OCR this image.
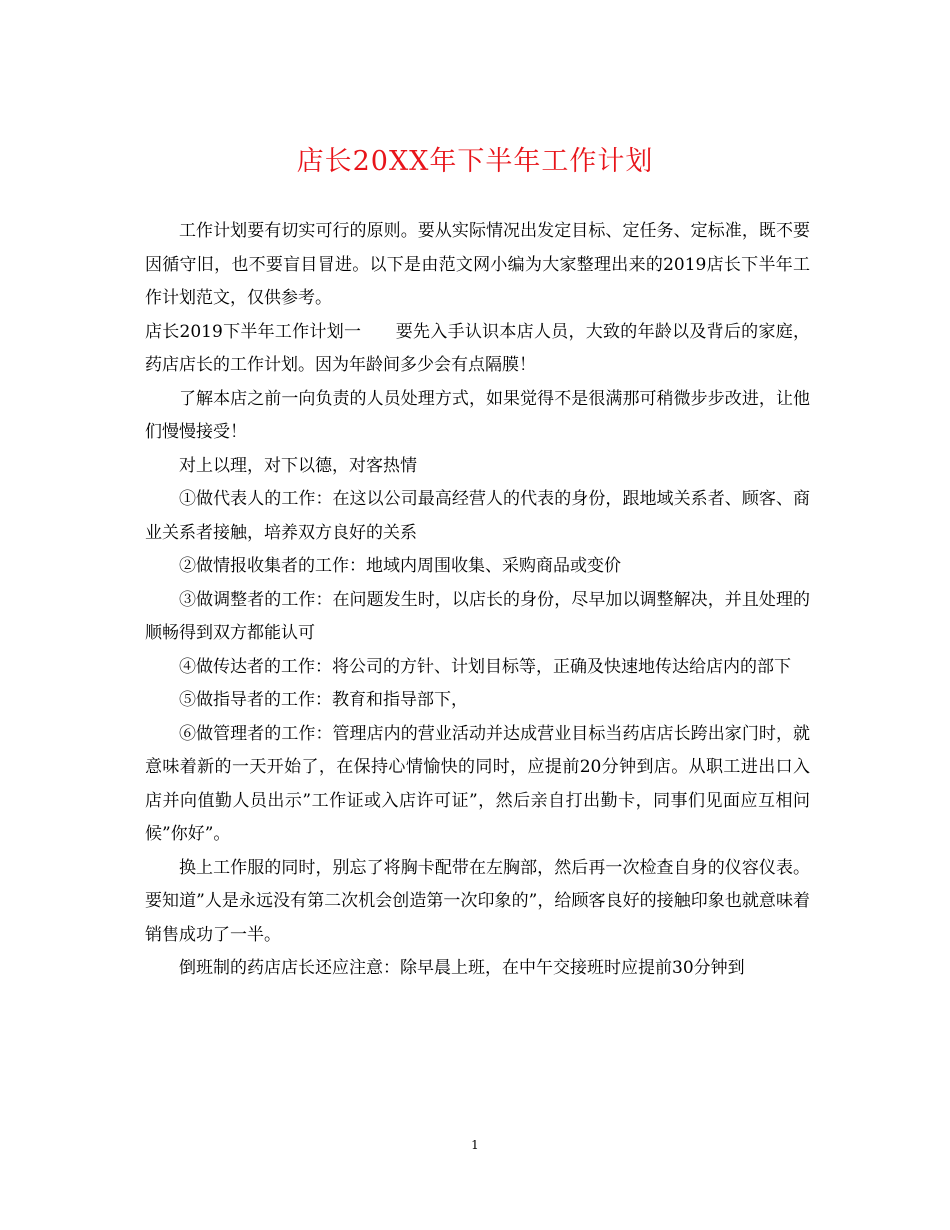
店长20XX年下半年工作计划

工作计划要有切实可行的原则。要从实际情况出发定目标、定任务、定标准，既不要因循守旧，也不要盲目冒进。以下是由范文网小编为大家整理出来的2019店长下半年工作计划范文，仅供参考。

店长2019下半年工作计划一　　要先入手认识本店人员，大致的年龄以及背后的家庭，药店店长的工作计划。因为年龄间多少会有点隔膜！

了解本店之前一向负责的人员处理方式，如果觉得不是很满那可稍微步步改进，让他们慢慢接受！

对上以理，对下以德，对客热情

①做代表人的工作：在这以公司最高经营人的代表的身份，跟地域关系者、顾客、商业关系者接触，培养双方良好的关系

②做情报收集者的工作：地域内周围收集、采购商品或变价

③做调整者的工作：在问题发生时，以店长的身份，尽早加以调整解决，并且处理的顺畅得到双方都能认可

④做传达者的工作：将公司的方针、计划目标等，正确及快速地传达给店内的部下

⑤做指导者的工作：教育和指导部下，

⑥做管理者的工作：管理店内的营业活动并达成营业目标当药店店长跨出家门时，就意味着新的一天开始了，在保持心情愉快的同时，应提前20分钟到店。从职工进出口入店并向值勤人员出示”工作证或入店许可证”，然后亲自打出勤卡，同事们见面应互相问候”你好”。

换上工作服的同时，别忘了将胸卡配带在左胸部，然后再一次检查自身的仪容仪表。要知道”人是永远没有第二次机会创造第一次印象的”，给顾客良好的接触印象也就意味着销售成功了一半。

倒班制的药店店长还应注意：除早晨上班，在中午交接班时应提前30分钟到

1
